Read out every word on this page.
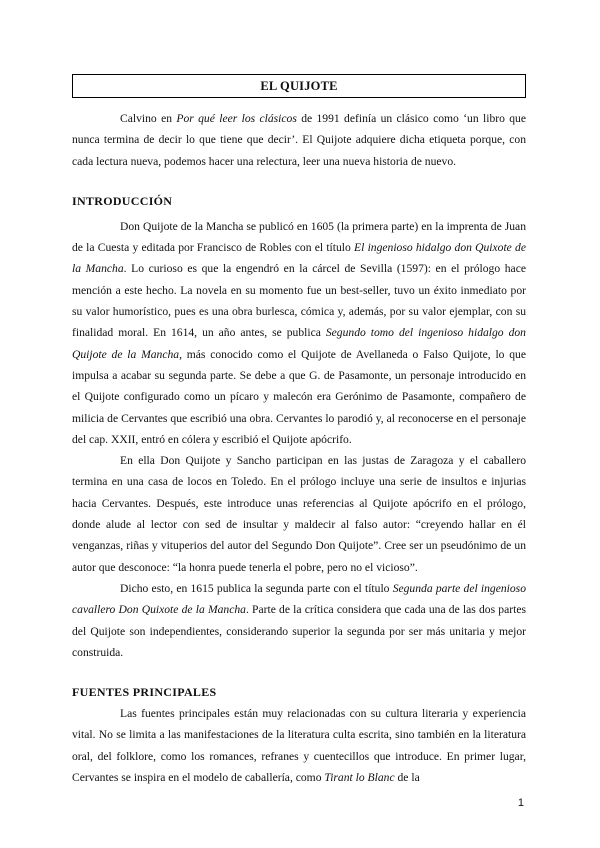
EL QUIJOTE

Calvino en Por qué leer los clásicos de 1991 definía un clásico como ‘un libro que nunca termina de decir lo que tiene que decir’. El Quijote adquiere dicha etiqueta porque, con cada lectura nueva, podemos hacer una relectura, leer una nueva historia de nuevo.

INTRODUCCIÓN

Don Quijote de la Mancha se publicó en 1605 (la primera parte) en la imprenta de Juan de la Cuesta y editada por Francisco de Robles con el título El ingenioso hidalgo don Quixote de la Mancha. Lo curioso es que la engendró en la cárcel de Sevilla (1597): en el prólogo hace mención a este hecho. La novela en su momento fue un best-seller, tuvo un éxito inmediato por su valor humorístico, pues es una obra burlesca, cómica y, además, por su valor ejemplar, con su finalidad moral. En 1614, un año antes, se publica Segundo tomo del ingenioso hidalgo don Quijote de la Mancha, más conocido como el Quijote de Avellaneda o Falso Quijote, lo que impulsa a acabar su segunda parte. Se debe a que G. de Pasamonte, un personaje introducido en el Quijote configurado como un pícaro y malecón era Gerónimo de Pasamonte, compañero de milicia de Cervantes que escribió una obra. Cervantes lo parodió y, al reconocerse en el personaje del cap. XXII, entró en cólera y escribió el Quijote apócrifo.

En ella Don Quijote y Sancho participan en las justas de Zaragoza y el caballero termina en una casa de locos en Toledo. En el prólogo incluye una serie de insultos e injurias hacia Cervantes. Después, este introduce unas referencias al Quijote apócrifo en el prólogo, donde alude al lector con sed de insultar y maldecir al falso autor: “creyendo hallar en él venganzas, riñas y vituperios del autor del Segundo Don Quijote”. Cree ser un pseudónimo de un autor que desconoce: “la honra puede tenerla el pobre, pero no el vicioso”.

Dicho esto, en 1615 publica la segunda parte con el título Segunda parte del ingenioso cavallero Don Quixote de la Mancha. Parte de la crítica considera que cada una de las dos partes del Quijote son independientes, considerando superior la segunda por ser más unitaria y mejor construida.

FUENTES PRINCIPALES

Las fuentes principales están muy relacionadas con su cultura literaria y experiencia vital. No se limita a las manifestaciones de la literatura culta escrita, sino también en la literatura oral, del folklore, como los romances, refranes y cuentecillos que introduce. En primer lugar, Cervantes se inspira en el modelo de caballería, como Tirant lo Blanc de la

1
